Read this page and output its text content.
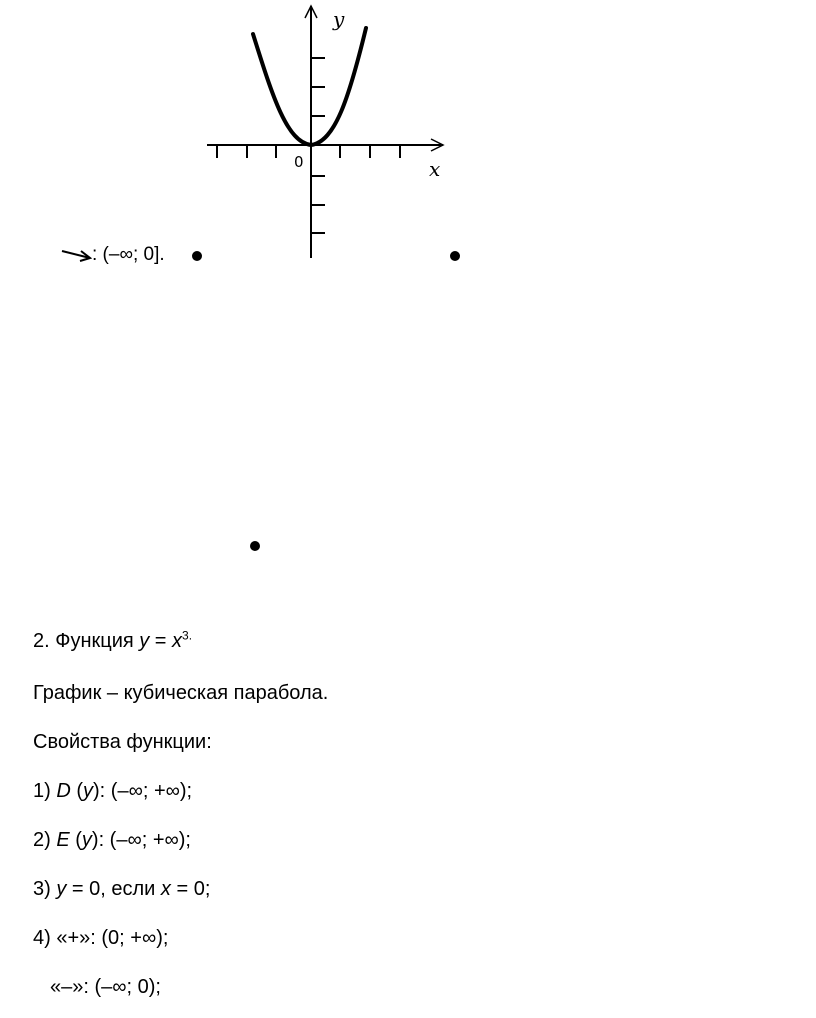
y
x
0
: (–∞; 0].
2. Функция $y = x^{3.}$
График – кубическая парабола.
Свойства функции:
1) D (y): (–∞; +∞);
2) E (y): (–∞; +∞);
3) y = 0, если x = 0;
4) «+»: (0; +∞);
«–»: (–∞; 0);
